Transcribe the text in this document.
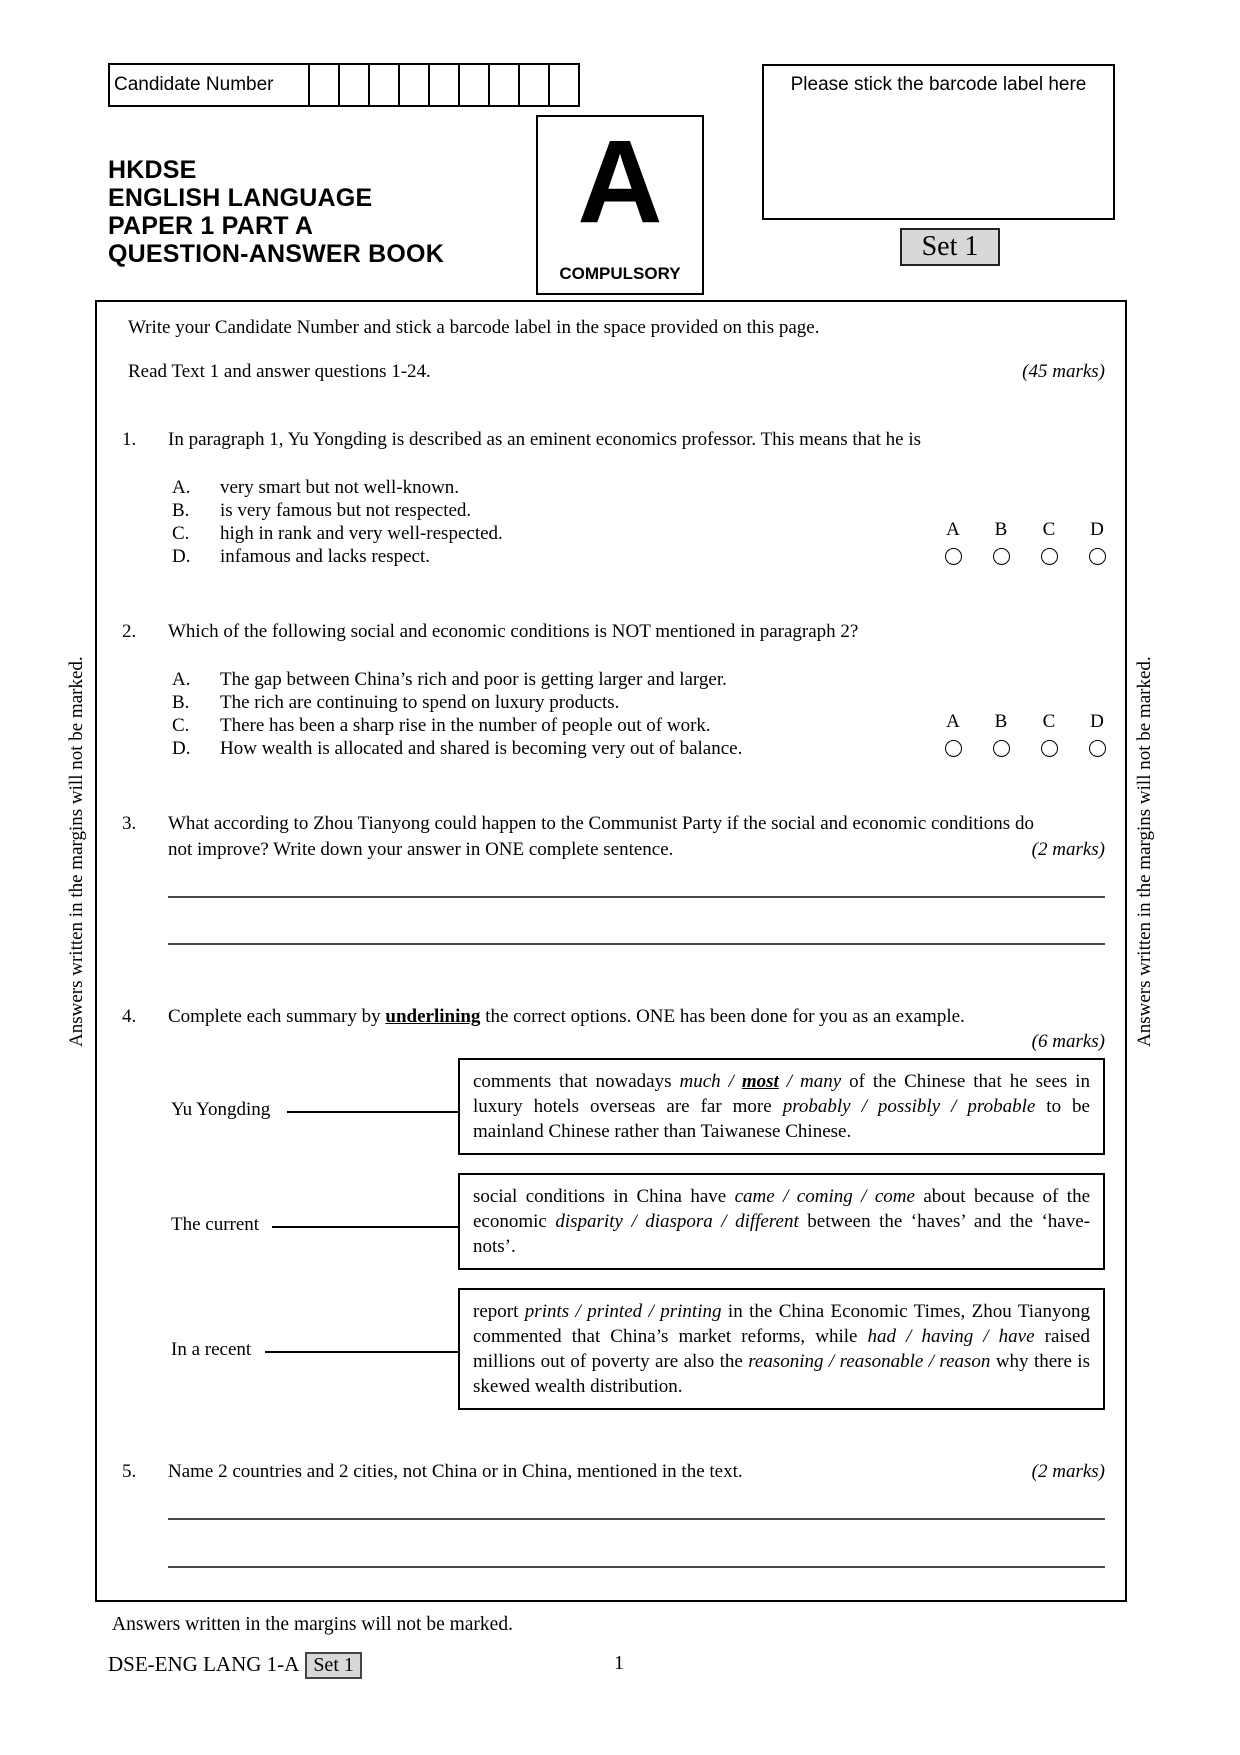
Candidate Number	Please stick the barcode label here
HKDSE
ENGLISH LANGUAGE
PAPER 1 PART A
QUESTION-ANSWER BOOK
A
COMPULSORY
Set 1
Write your Candidate Number and stick a barcode label in the space provided on this page.
Read Text 1 and answer questions 1-24.	(45 marks)
1. In paragraph 1, Yu Yongding is described as an eminent economics professor. This means that he is
A. very smart but not well-known.
B. is very famous but not respected.
C. high in rank and very well-respected.
D. infamous and lacks respect.
A	B	C	D
2. Which of the following social and economic conditions is NOT mentioned in paragraph 2?
A. The gap between China’s rich and poor is getting larger and larger.
B. The rich are continuing to spend on luxury products.
C. There has been a sharp rise in the number of people out of work.
D. How wealth is allocated and shared is becoming very out of balance.
A	B	C	D
3. What according to Zhou Tianyong could happen to the Communist Party if the social and economic conditions do
not improve? Write down your answer in ONE complete sentence.	(2 marks)
4. Complete each summary by underlining the correct options. ONE has been done for you as an example.
(6 marks)
Yu Yongding
comments that nowadays much / most / many of the Chinese that he sees in luxury hotels overseas are far more probably / possibly / probable to be mainland Chinese rather than Taiwanese Chinese.
The current
social conditions in China have came / coming / come about because of the economic disparity / diaspora / different between the ‘haves’ and the ‘have-nots’.
In a recent
report prints / printed / printing in the China Economic Times, Zhou Tianyong commented that China’s market reforms, while had / having / have raised millions out of poverty are also the reasoning / reasonable / reason why there is skewed wealth distribution.
5. Name 2 countries and 2 cities, not China or in China, mentioned in the text.	(2 marks)
Answers written in the margins will not be marked.	Answers written in the margins will not be marked.
Answers written in the margins will not be marked.
DSE-ENG LANG 1-A Set 1	1
